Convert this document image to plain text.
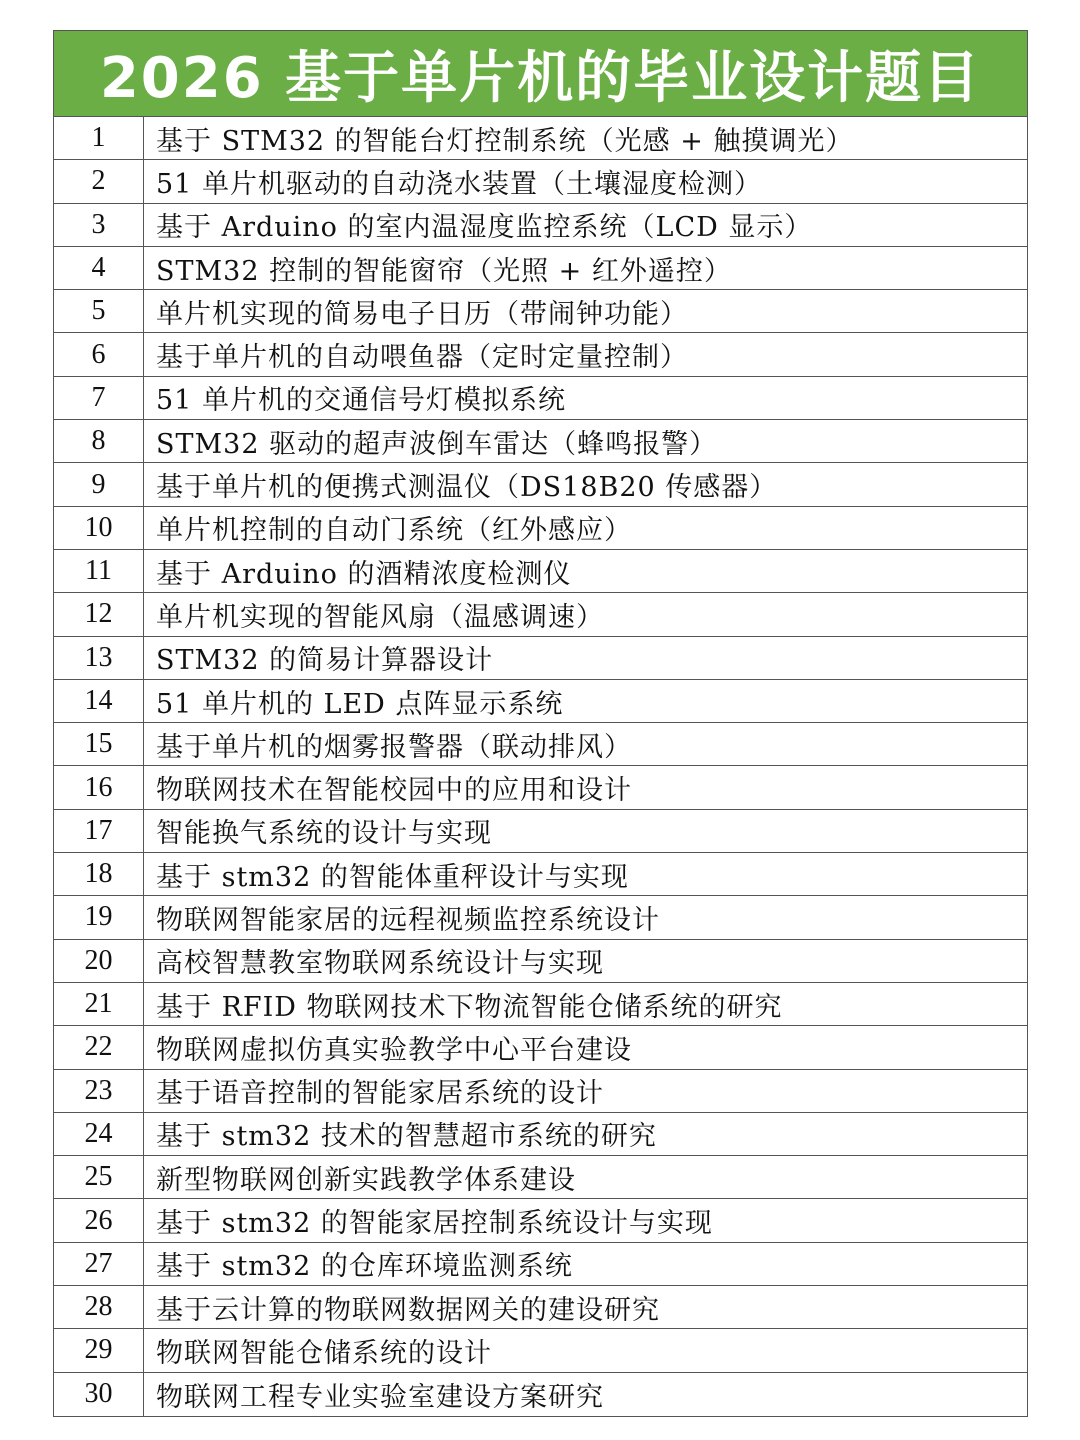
2026 基于单片机的毕业设计题目
1	基于 STM32 的智能台灯控制系统（光感 + 触摸调光）
2	51 单片机驱动的自动浇水装置（土壤湿度检测）
3	基于 Arduino 的室内温湿度监控系统（LCD 显示）
4	STM32 控制的智能窗帘（光照 + 红外遥控）
5	单片机实现的简易电子日历（带闹钟功能）
6	基于单片机的自动喂鱼器（定时定量控制）
7	51 单片机的交通信号灯模拟系统
8	STM32 驱动的超声波倒车雷达（蜂鸣报警）
9	基于单片机的便携式测温仪（DS18B20 传感器）
10	单片机控制的自动门系统（红外感应）
11	基于 Arduino 的酒精浓度检测仪
12	单片机实现的智能风扇（温感调速）
13	STM32 的简易计算器设计
14	51 单片机的 LED 点阵显示系统
15	基于单片机的烟雾报警器（联动排风）
16	物联网技术在智能校园中的应用和设计
17	智能换气系统的设计与实现
18	基于 stm32 的智能体重秤设计与实现
19	物联网智能家居的远程视频监控系统设计
20	高校智慧教室物联网系统设计与实现
21	基于 RFID 物联网技术下物流智能仓储系统的研究
22	物联网虚拟仿真实验教学中心平台建设
23	基于语音控制的智能家居系统的设计
24	基于 stm32 技术的智慧超市系统的研究
25	新型物联网创新实践教学体系建设
26	基于 stm32 的智能家居控制系统设计与实现
27	基于 stm32 的仓库环境监测系统
28	基于云计算的物联网数据网关的建设研究
29	物联网智能仓储系统的设计
30	物联网工程专业实验室建设方案研究
